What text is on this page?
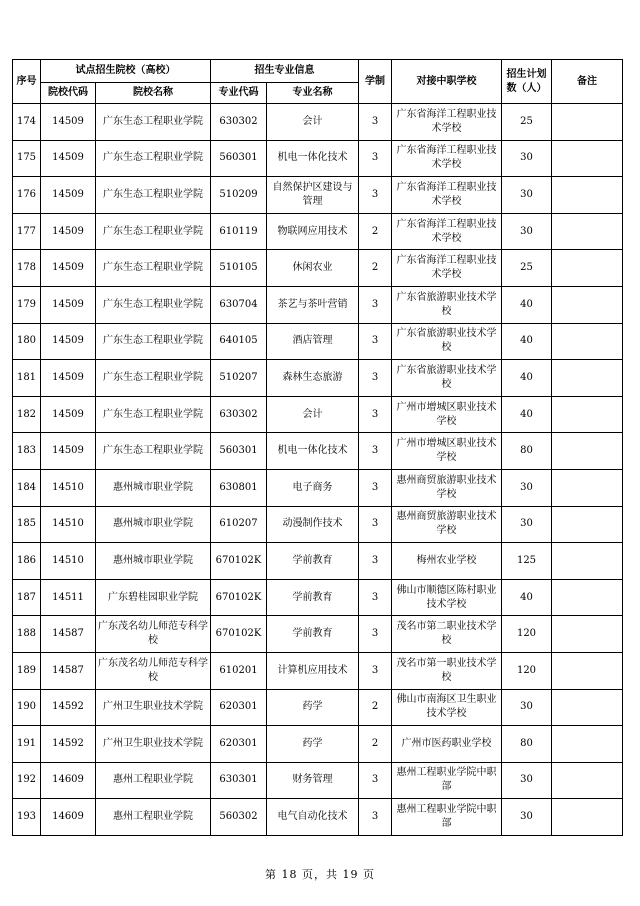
序号	试点招生院校（高校）		招生专业信息		学制	对接中职学校	招生计划数（人）	备注
	院校代码	院校名称	专业代码	专业名称				
174	14509	广东生态工程职业学院	630302	会计	3	广东省海洋工程职业技术学校	25	
175	14509	广东生态工程职业学院	560301	机电一体化技术	3	广东省海洋工程职业技术学校	30	
176	14509	广东生态工程职业学院	510209	自然保护区建设与管理	3	广东省海洋工程职业技术学校	30	
177	14509	广东生态工程职业学院	610119	物联网应用技术	2	广东省海洋工程职业技术学校	30	
178	14509	广东生态工程职业学院	510105	休闲农业	2	广东省海洋工程职业技术学校	25	
179	14509	广东生态工程职业学院	630704	茶艺与茶叶营销	3	广东省旅游职业技术学校	40	
180	14509	广东生态工程职业学院	640105	酒店管理	3	广东省旅游职业技术学校	40	
181	14509	广东生态工程职业学院	510207	森林生态旅游	3	广东省旅游职业技术学校	40	
182	14509	广东生态工程职业学院	630302	会计	3	广州市增城区职业技术学校	40	
183	14509	广东生态工程职业学院	560301	机电一体化技术	3	广州市增城区职业技术学校	80	
184	14510	惠州城市职业学院	630801	电子商务	3	惠州商贸旅游职业技术学校	30	
185	14510	惠州城市职业学院	610207	动漫制作技术	3	惠州商贸旅游职业技术学校	30	
186	14510	惠州城市职业学院	670102K	学前教育	3	梅州农业学校	125	
187	14511	广东碧桂园职业学院	670102K	学前教育	3	佛山市顺德区陈村职业技术学校	40	
188	14587	广东茂名幼儿师范专科学校	670102K	学前教育	3	茂名市第二职业技术学校	120	
189	14587	广东茂名幼儿师范专科学校	610201	计算机应用技术	3	茂名市第一职业技术学校	120	
190	14592	广州卫生职业技术学院	620301	药学	2	佛山市南海区卫生职业技术学校	30	
191	14592	广州卫生职业技术学院	620301	药学	2	广州市医药职业学校	80	
192	14609	惠州工程职业学院	630301	财务管理	3	惠州工程职业学院中职部	30	
193	14609	惠州工程职业学院	560302	电气自动化技术	3	惠州工程职业学院中职部	30	
第 18 页，共 19 页
